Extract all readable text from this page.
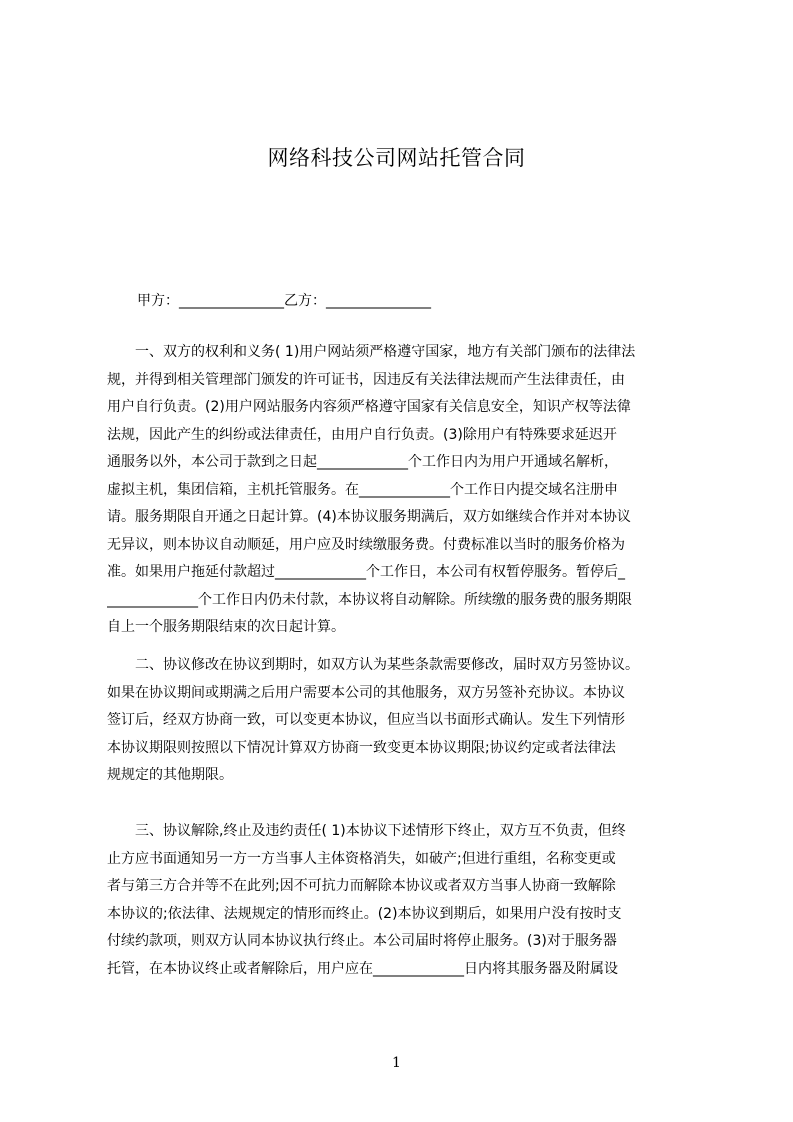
网络科技公司网站托管合同
甲方：_______________乙方：_______________
一、双方的权利和义务( 1)用户网站须严格遵守国家，地方有关部门颁布的法律法
规，并得到相关管理部门颁发的许可证书，因违反有关法律法规而产生法律责任，由
用户自行负责。(2)用户网站服务内容须严格遵守国家有关信息安全，知识产权等法徫
法规，因此产生的纠纷或法律责任，由用户自行负责。(3)除用户有特殊要求延迟开
通服务以外，本公司于款到之日起_____________个工作日内为用户开通域名解析，
虚拟主机，集团信箱，主机托管服务。在_____________个工作日内提交域名注册申
请。服务期限自开通之日起计算。(4)本协议服务期满后，双方如继续合作并对本协议
无异议，则本协议自动顺延，用户应及时续缴服务费。付费标准以当时的服务价格为
准。如果用户拖延付款超过_____________个工作日，本公司有权暂停服务。暂停后_
_____________个工作日内仍未付款，本协议将自动解除。所续缴的服务费的服务期限
自上一个服务期限结束的次日起计算。
二、协议修改在协议到期时，如双方认为某些条款需要修改，届时双方另签协议。
如果在协议期间或期满之后用户需要本公司的其他服务，双方另签补充协议。本协议
签订后，经双方协商一致，可以变更本协议，但应当以书面形式确认。发生下列情形
本协议期限则按照以下情况计算双方协商一致变更本协议期限;协议约定或者法律法
规规定的其他期限。
三、协议解除,终止及违约责任( 1)本协议下述情形下终止，双方互不负责，但终
止方应书面通知另一方一方当事人主体资格消失，如破产;但进行重组，名称变更或
者与第三方合并等不在此列;因不可抗力而解除本协议或者双方当事人协商一致解除
本协议的;依法律、法规规定的情形而终止。(2)本协议到期后，如果用户没有按时支
付续约款项，则双方认同本协议执行终止。本公司届时将停止服务。(3)对于服务器
托管，在本协议终止或者解除后，用户应在_____________日内将其服务器及附属设
1
